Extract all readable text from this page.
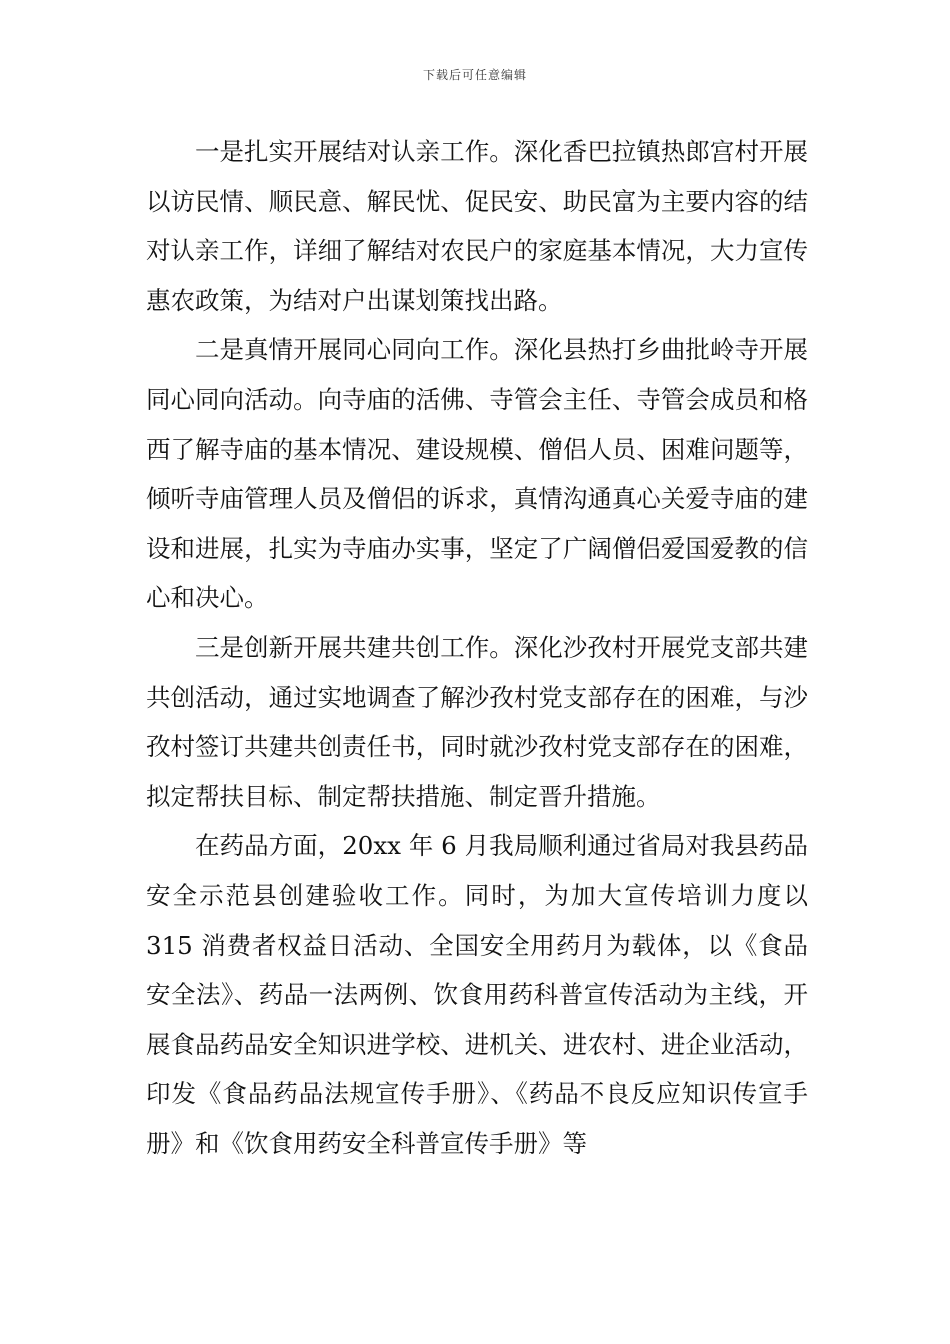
下载后可任意编辑

一是扎实开展结对认亲工作。深化香巴拉镇热郎宫村开展以访民情、顺民意、解民忧、促民安、助民富为主要内容的结对认亲工作，详细了解结对农民户的家庭基本情况，大力宣传惠农政策，为结对户出谋划策找出路。

二是真情开展同心同向工作。深化县热打乡曲批岭寺开展同心同向活动。向寺庙的活佛、寺管会主任、寺管会成员和格西了解寺庙的基本情况、建设规模、僧侣人员、困难问题等，倾听寺庙管理人员及僧侣的诉求，真情沟通真心关爱寺庙的建设和进展，扎实为寺庙办实事，坚定了广阔僧侣爱国爱教的信心和决心。

三是创新开展共建共创工作。深化沙孜村开展党支部共建共创活动，通过实地调查了解沙孜村党支部存在的困难，与沙孜村签订共建共创责任书，同时就沙孜村党支部存在的困难，拟定帮扶目标、制定帮扶措施、制定晋升措施。

在药品方面，20xx 年 6 月我局顺利通过省局对我县药品安全示范县创建验收工作。同时，为加大宣传培训力度以 315 消费者权益日活动、全国安全用药月为载体，以《食品安全法》、药品一法两例、饮食用药科普宣传活动为主线，开展食品药品安全知识进学校、进机关、进农村、进企业活动，印发《食品药品法规宣传手册》、《药品不良反应知识传宣手册》和《饮食用药安全科普宣传手册》等
